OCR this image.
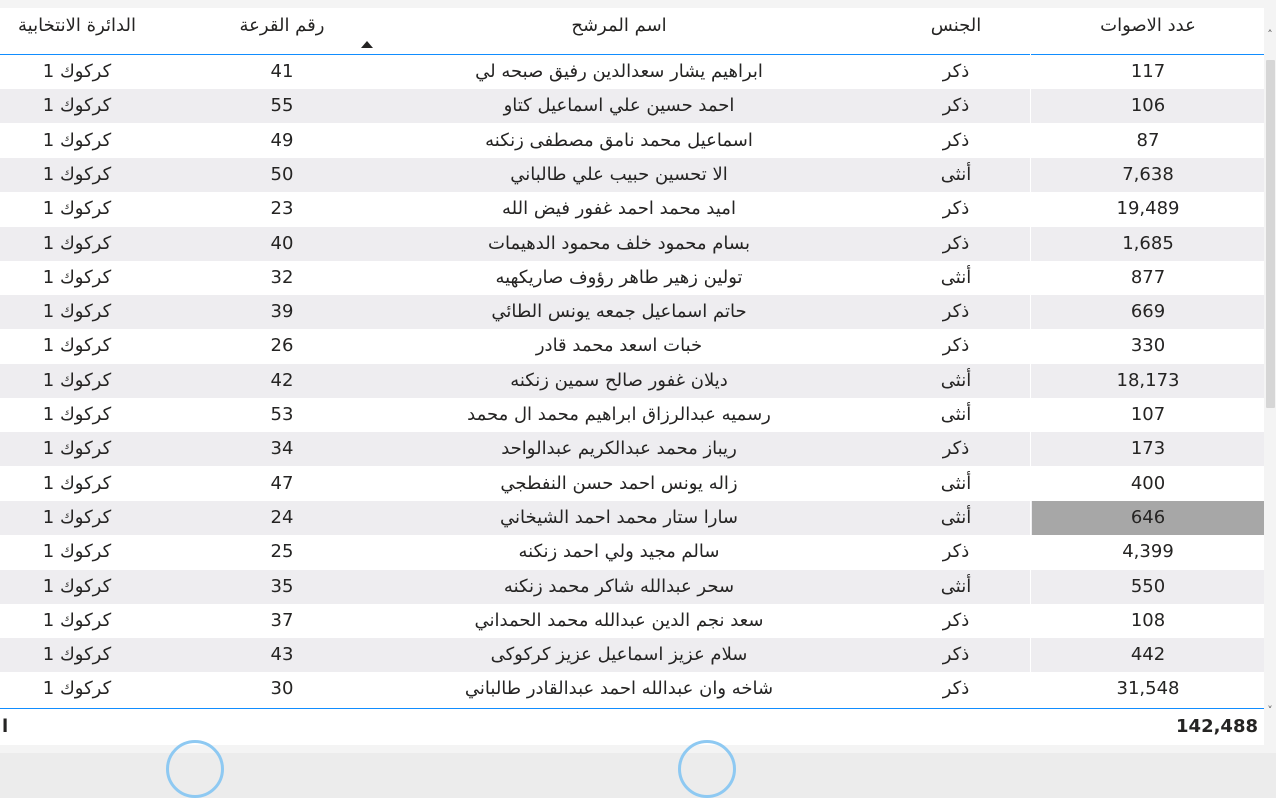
الدائرة الانتخابية	رقم القرعة	اسم المرشح	الجنس	عدد الاصوات
كركوك 1	41	ابراهيم يشار سعدالدين رفيق صبحه لي	ذكر	117
كركوك 1	55	احمد حسين علي اسماعيل كتاو	ذكر	106
كركوك 1	49	اسماعيل محمد نامق مصطفى زنكنه	ذكر	87
كركوك 1	50	الا تحسين حبيب علي طالباني	أنثى	7,638
كركوك 1	23	اميد محمد احمد غفور فيض الله	ذكر	19,489
كركوك 1	40	بسام محمود خلف محمود الدهيمات	ذكر	1,685
كركوك 1	32	تولين زهير طاهر رؤوف صاريكهيه	أنثى	877
كركوك 1	39	حاتم اسماعيل جمعه يونس الطائي	ذكر	669
كركوك 1	26	خبات اسعد محمد قادر	ذكر	330
كركوك 1	42	ديلان غفور صالح سمين زنكنه	أنثى	18,173
كركوك 1	53	رسميه عبدالرزاق ابراهيم محمد ال محمد	أنثى	107
كركوك 1	34	ريباز محمد عبدالكريم عبدالواحد	ذكر	173
كركوك 1	47	زاله يونس احمد حسن النفطجي	أنثى	400
كركوك 1	24	سارا ستار محمد احمد الشيخاني	أنثى	646
كركوك 1	25	سالم مجيد ولي احمد زنكنه	ذكر	4,399
كركوك 1	35	سحر عبدالله شاكر محمد زنكنه	أنثى	550
كركوك 1	37	سعد نجم الدين عبدالله محمد الحمداني	ذكر	108
كركوك 1	43	سلام عزيز اسماعيل عزيز كركوكى	ذكر	442
كركوك 1	30	شاخه وان عبدالله احمد عبدالقادر طالباني	ذكر	31,548
˄
˅
ا	142,488
